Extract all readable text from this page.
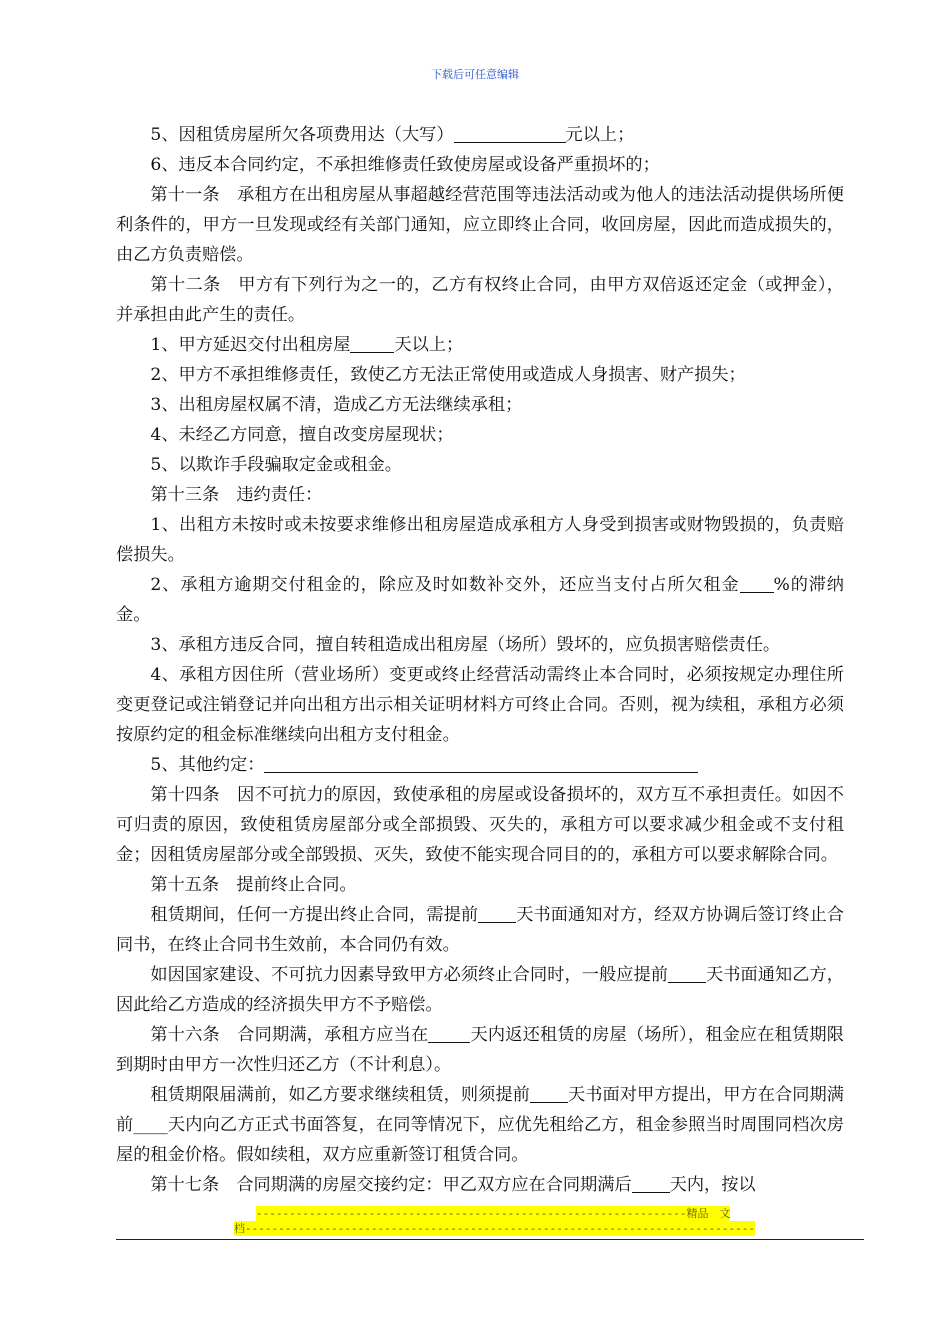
下载后可任意编辑

5、因租赁房屋所欠各项费用达（大写）	元以上；

6、违反本合同约定，不承担维修责任致使房屋或设备严重损坏的；

第十一条　承租方在出租房屋从事超越经营范围等违法活动或为他人的违法活动提供场所便利条件的，甲方一旦发现或经有关部门通知，应立即终止合同，收回房屋，因此而造成损失的，由乙方负责赔偿。

第十二条　甲方有下列行为之一的，乙方有权终止合同，由甲方双倍返还定金（或押金），并承担由此产生的责任。

1、甲方延迟交付出租房屋	天以上；

2、甲方不承担维修责任，致使乙方无法正常使用或造成人身损害、财产损失；

3、出租房屋权属不清，造成乙方无法继续承租；

4、未经乙方同意，擅自改变房屋现状；

5、以欺诈手段骗取定金或租金。

第十三条　违约责任：

1、出租方未按时或未按要求维修出租房屋造成承租方人身受到损害或财物毁损的，负责赔偿损失。

2、承租方逾期交付租金的，除应及时如数补交外，还应当支付占所欠租金 %的滞纳金。

3、承租方违反合同，擅自转租造成出租房屋（场所）毁坏的，应负损害赔偿责任。

4、承租方因住所（营业场所）变更或终止经营活动需终止本合同时，必须按规定办理住所变更登记或注销登记并向出租方出示相关证明材料方可终止合同。否则，视为续租，承租方必须按原约定的租金标准继续向出租方支付租金。

5、其他约定：

第十四条　因不可抗力的原因，致使承租的房屋或设备损坏的，双方互不承担责任。如因不可归责的原因，致使租赁房屋部分或全部损毁、灭失的，承租方可以要求减少租金或不支付租金；因租赁房屋部分或全部毁损、灭失，致使不能实现合同目的的，承租方可以要求解除合同。

第十五条　提前终止合同。

租赁期间，任何一方提出终止合同，需提前 天书面通知对方，经双方协调后签订终止合同书，在终止合同书生效前，本合同仍有效。

如因国家建设、不可抗力因素导致甲方必须终止合同时，一般应提前 天书面通知乙方，因此给乙方造成的经济损失甲方不予赔偿。

第十六条　合同期满，承租方应当在 天内返还租赁的房屋（场所），租金应在租赁期限到期时由甲方一次性归还乙方（不计利息）。

租赁期限届满前，如乙方要求继续租赁，则须提前 天书面对甲方提出，甲方在合同期满前____天内向乙方正式书面答复，在同等情况下，应优先租给乙方，租金参照当时周围同档次房屋的租金价格。假如续租，双方应重新签订租赁合同。

第十七条　合同期满的房屋交接约定：甲乙双方应在合同期满后 天内，按以

-----------------------------------------------------------------精品　文
档-----------------------------------------------------------------------------
